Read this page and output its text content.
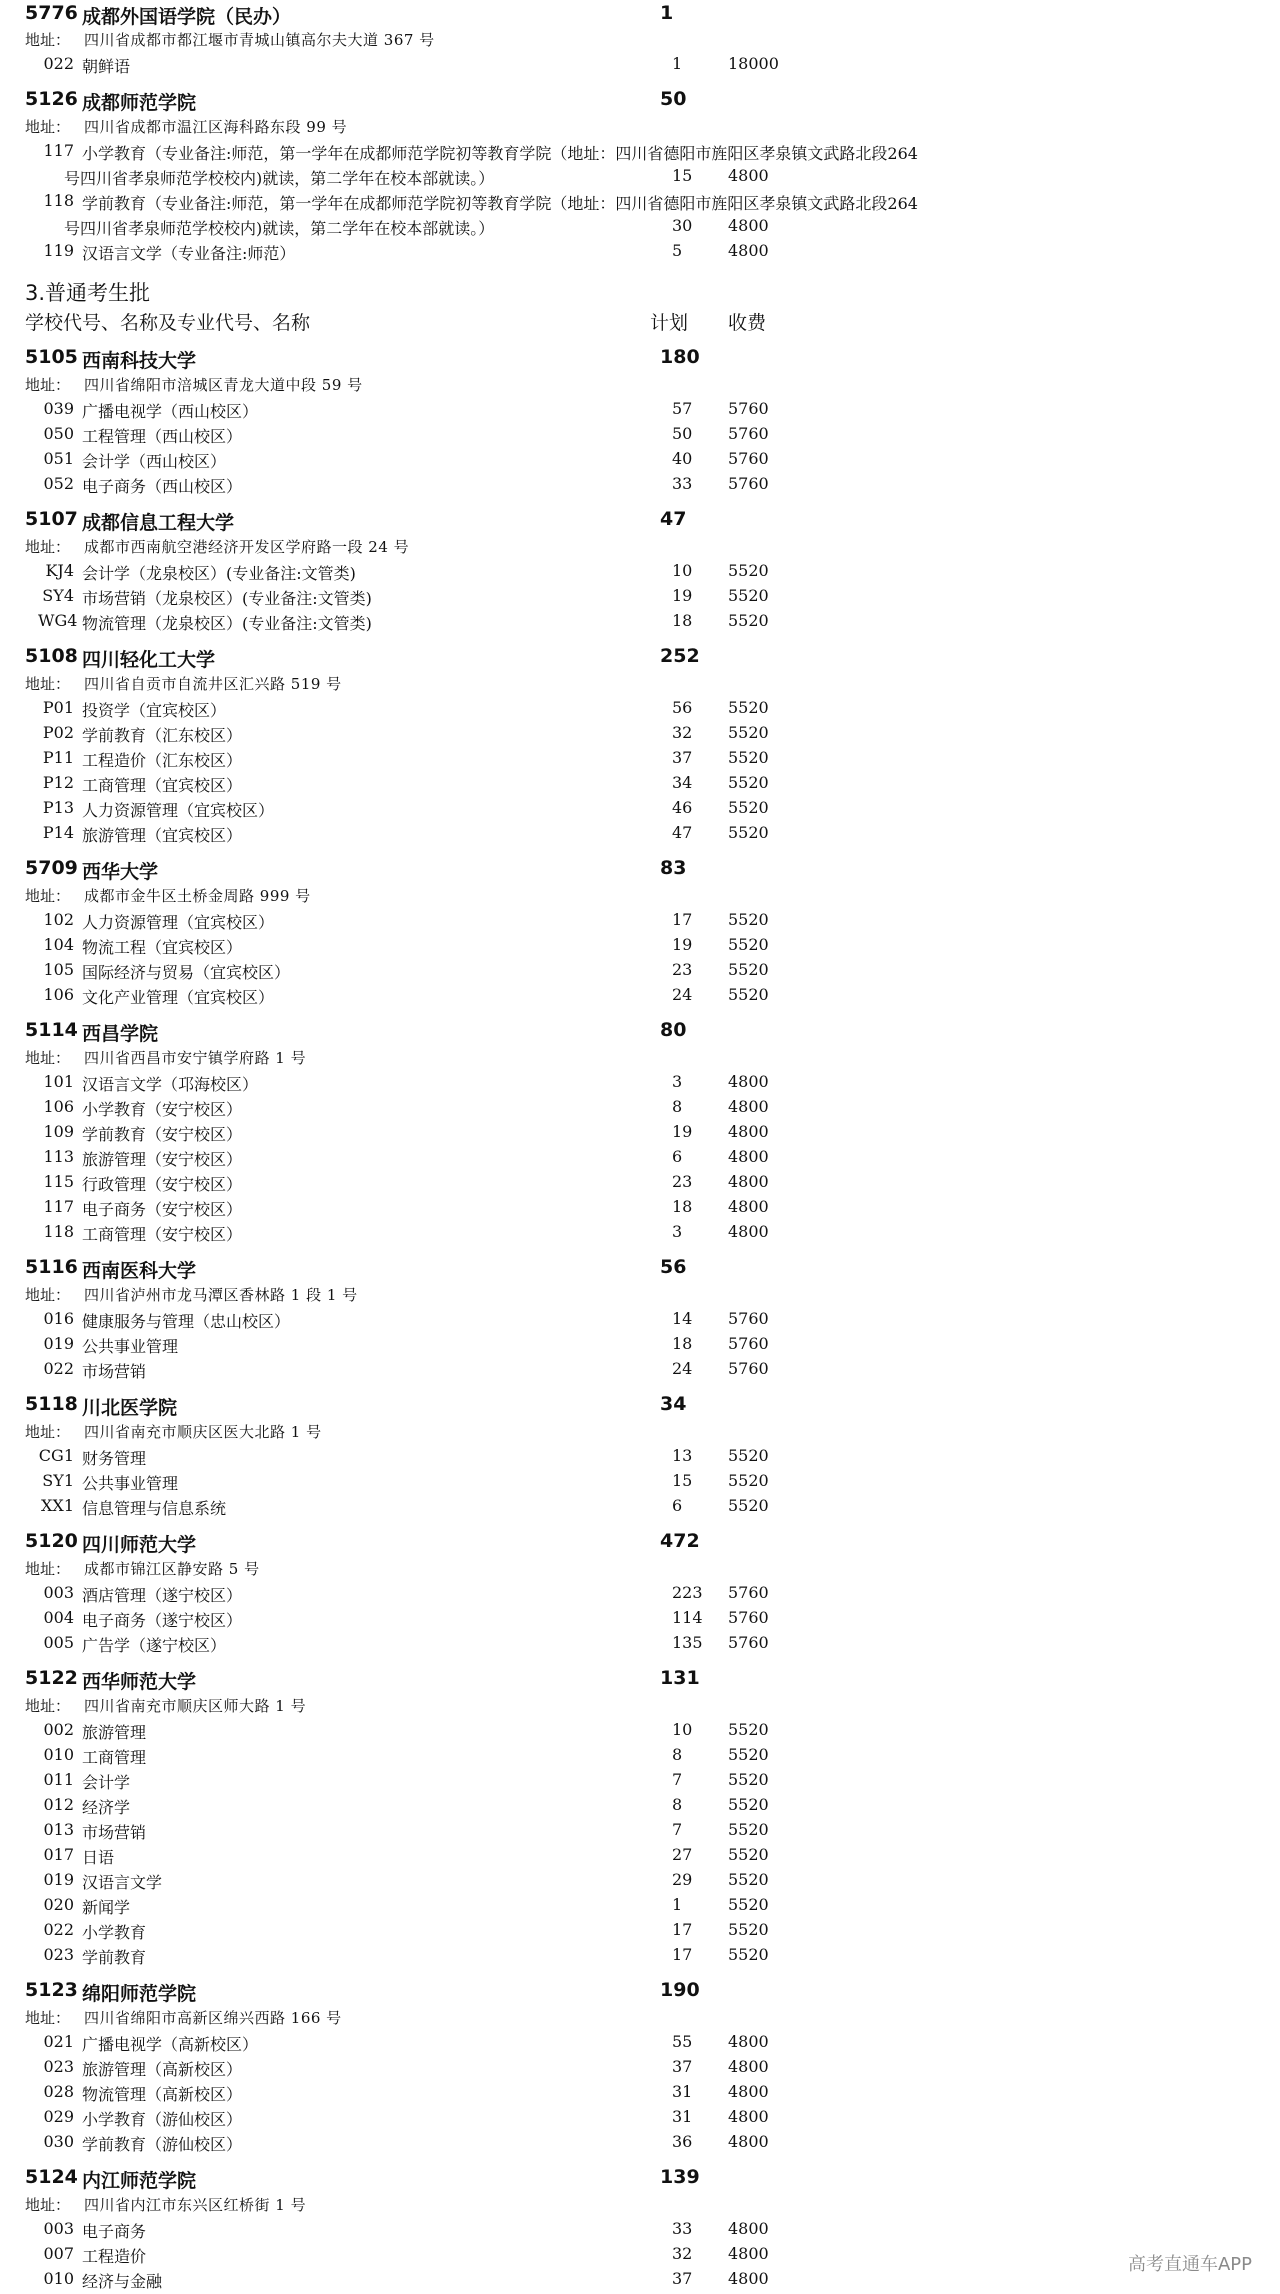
5776 成都外国语学院（民办）	1
地址： 四川省成都市都江堰市青城山镇高尔夫大道 367 号
022 朝鲜语	1	18000
5126 成都师范学院	50
地址： 四川省成都市温江区海科路东段 99 号
117 小学教育（专业备注:师范，第一学年在成都师范学院初等教育学院（地址：四川省德阳市旌阳区孝泉镇文武路北段264
号四川省孝泉师范学校校内)就读，第二学年在校本部就读。）	15 4800
118 学前教育（专业备注:师范，第一学年在成都师范学院初等教育学院（地址：四川省德阳市旌阳区孝泉镇文武路北段264
号四川省孝泉师范学校校内)就读，第二学年在校本部就读。）	30 4800
119 汉语言文学（专业备注:师范）	5	4800
3.普通考生批
学校代号、名称及专业代号、名称	计划 收费
5105 西南科技大学	180
地址： 四川省绵阳市涪城区青龙大道中段 59 号
039 广播电视学（西山校区）	57 5760
050 工程管理（西山校区）	50 5760
051 会计学（西山校区）	40 5760
052 电子商务（西山校区）	33 5760
5107 成都信息工程大学	47
地址： 成都市西南航空港经济开发区学府路一段 24 号
KJ4 会计学（龙泉校区）(专业备注:文管类)	10 5520
SY4 市场营销（龙泉校区）(专业备注:文管类)	19 5520
WG4 物流管理（龙泉校区）(专业备注:文管类)	18 5520
5108 四川轻化工大学	252
地址： 四川省自贡市自流井区汇兴路 519 号
P01 投资学（宜宾校区）	56 5520
P02 学前教育（汇东校区）	32 5520
P11 工程造价（汇东校区）	37 5520
P12 工商管理（宜宾校区）	34 5520
P13 人力资源管理（宜宾校区）	46 5520
P14 旅游管理（宜宾校区）	47 5520
5709 西华大学	83
地址： 成都市金牛区土桥金周路 999 号
102 人力资源管理（宜宾校区）	17 5520
104 物流工程（宜宾校区）	19 5520
105 国际经济与贸易（宜宾校区）	23 5520
106 文化产业管理（宜宾校区）	24 5520
5114 西昌学院	80
地址： 四川省西昌市安宁镇学府路 1 号
101 汉语言文学（邛海校区）	3	4800
106 小学教育（安宁校区）	8	4800
109 学前教育（安宁校区）	19 4800
113 旅游管理（安宁校区）	6	4800
115 行政管理（安宁校区）	23 4800
117 电子商务（安宁校区）	18 4800
118 工商管理（安宁校区）	3	4800
5116 西南医科大学	56
地址： 四川省泸州市龙马潭区香林路 1 段 1 号
016 健康服务与管理（忠山校区）	14 5760
019 公共事业管理	18 5760
022 市场营销	24 5760
5118 川北医学院	34
地址： 四川省南充市顺庆区医大北路 1 号
CG1 财务管理	13 5520
SY1 公共事业管理	15 5520
XX1 信息管理与信息系统	6	5520
5120 四川师范大学	472
地址： 成都市锦江区静安路 5 号
003 酒店管理（遂宁校区）	223 5760
004 电子商务（遂宁校区）	114 5760
005 广告学（遂宁校区）	135 5760
5122 西华师范大学	131
地址： 四川省南充市顺庆区师大路 1 号
002 旅游管理	10 5520
010 工商管理	8	5520
011 会计学	7	5520
012 经济学	8	5520
013 市场营销	7	5520
017 日语	27 5520
019 汉语言文学	29 5520
020 新闻学	1	5520
022 小学教育	17 5520
023 学前教育	17 5520
5123 绵阳师范学院	190
地址： 四川省绵阳市高新区绵兴西路 166 号
021 广播电视学（高新校区）	55 4800
023 旅游管理（高新校区）	37 4800
028 物流管理（高新校区）	31 4800
029 小学教育（游仙校区）	31 4800
030 学前教育（游仙校区）	36 4800
5124 内江师范学院	139
地址： 四川省内江市东兴区红桥街 1 号
003 电子商务	33 4800
007 工程造价	32 4800
010 经济与金融	37 4800
高考直通车APP
